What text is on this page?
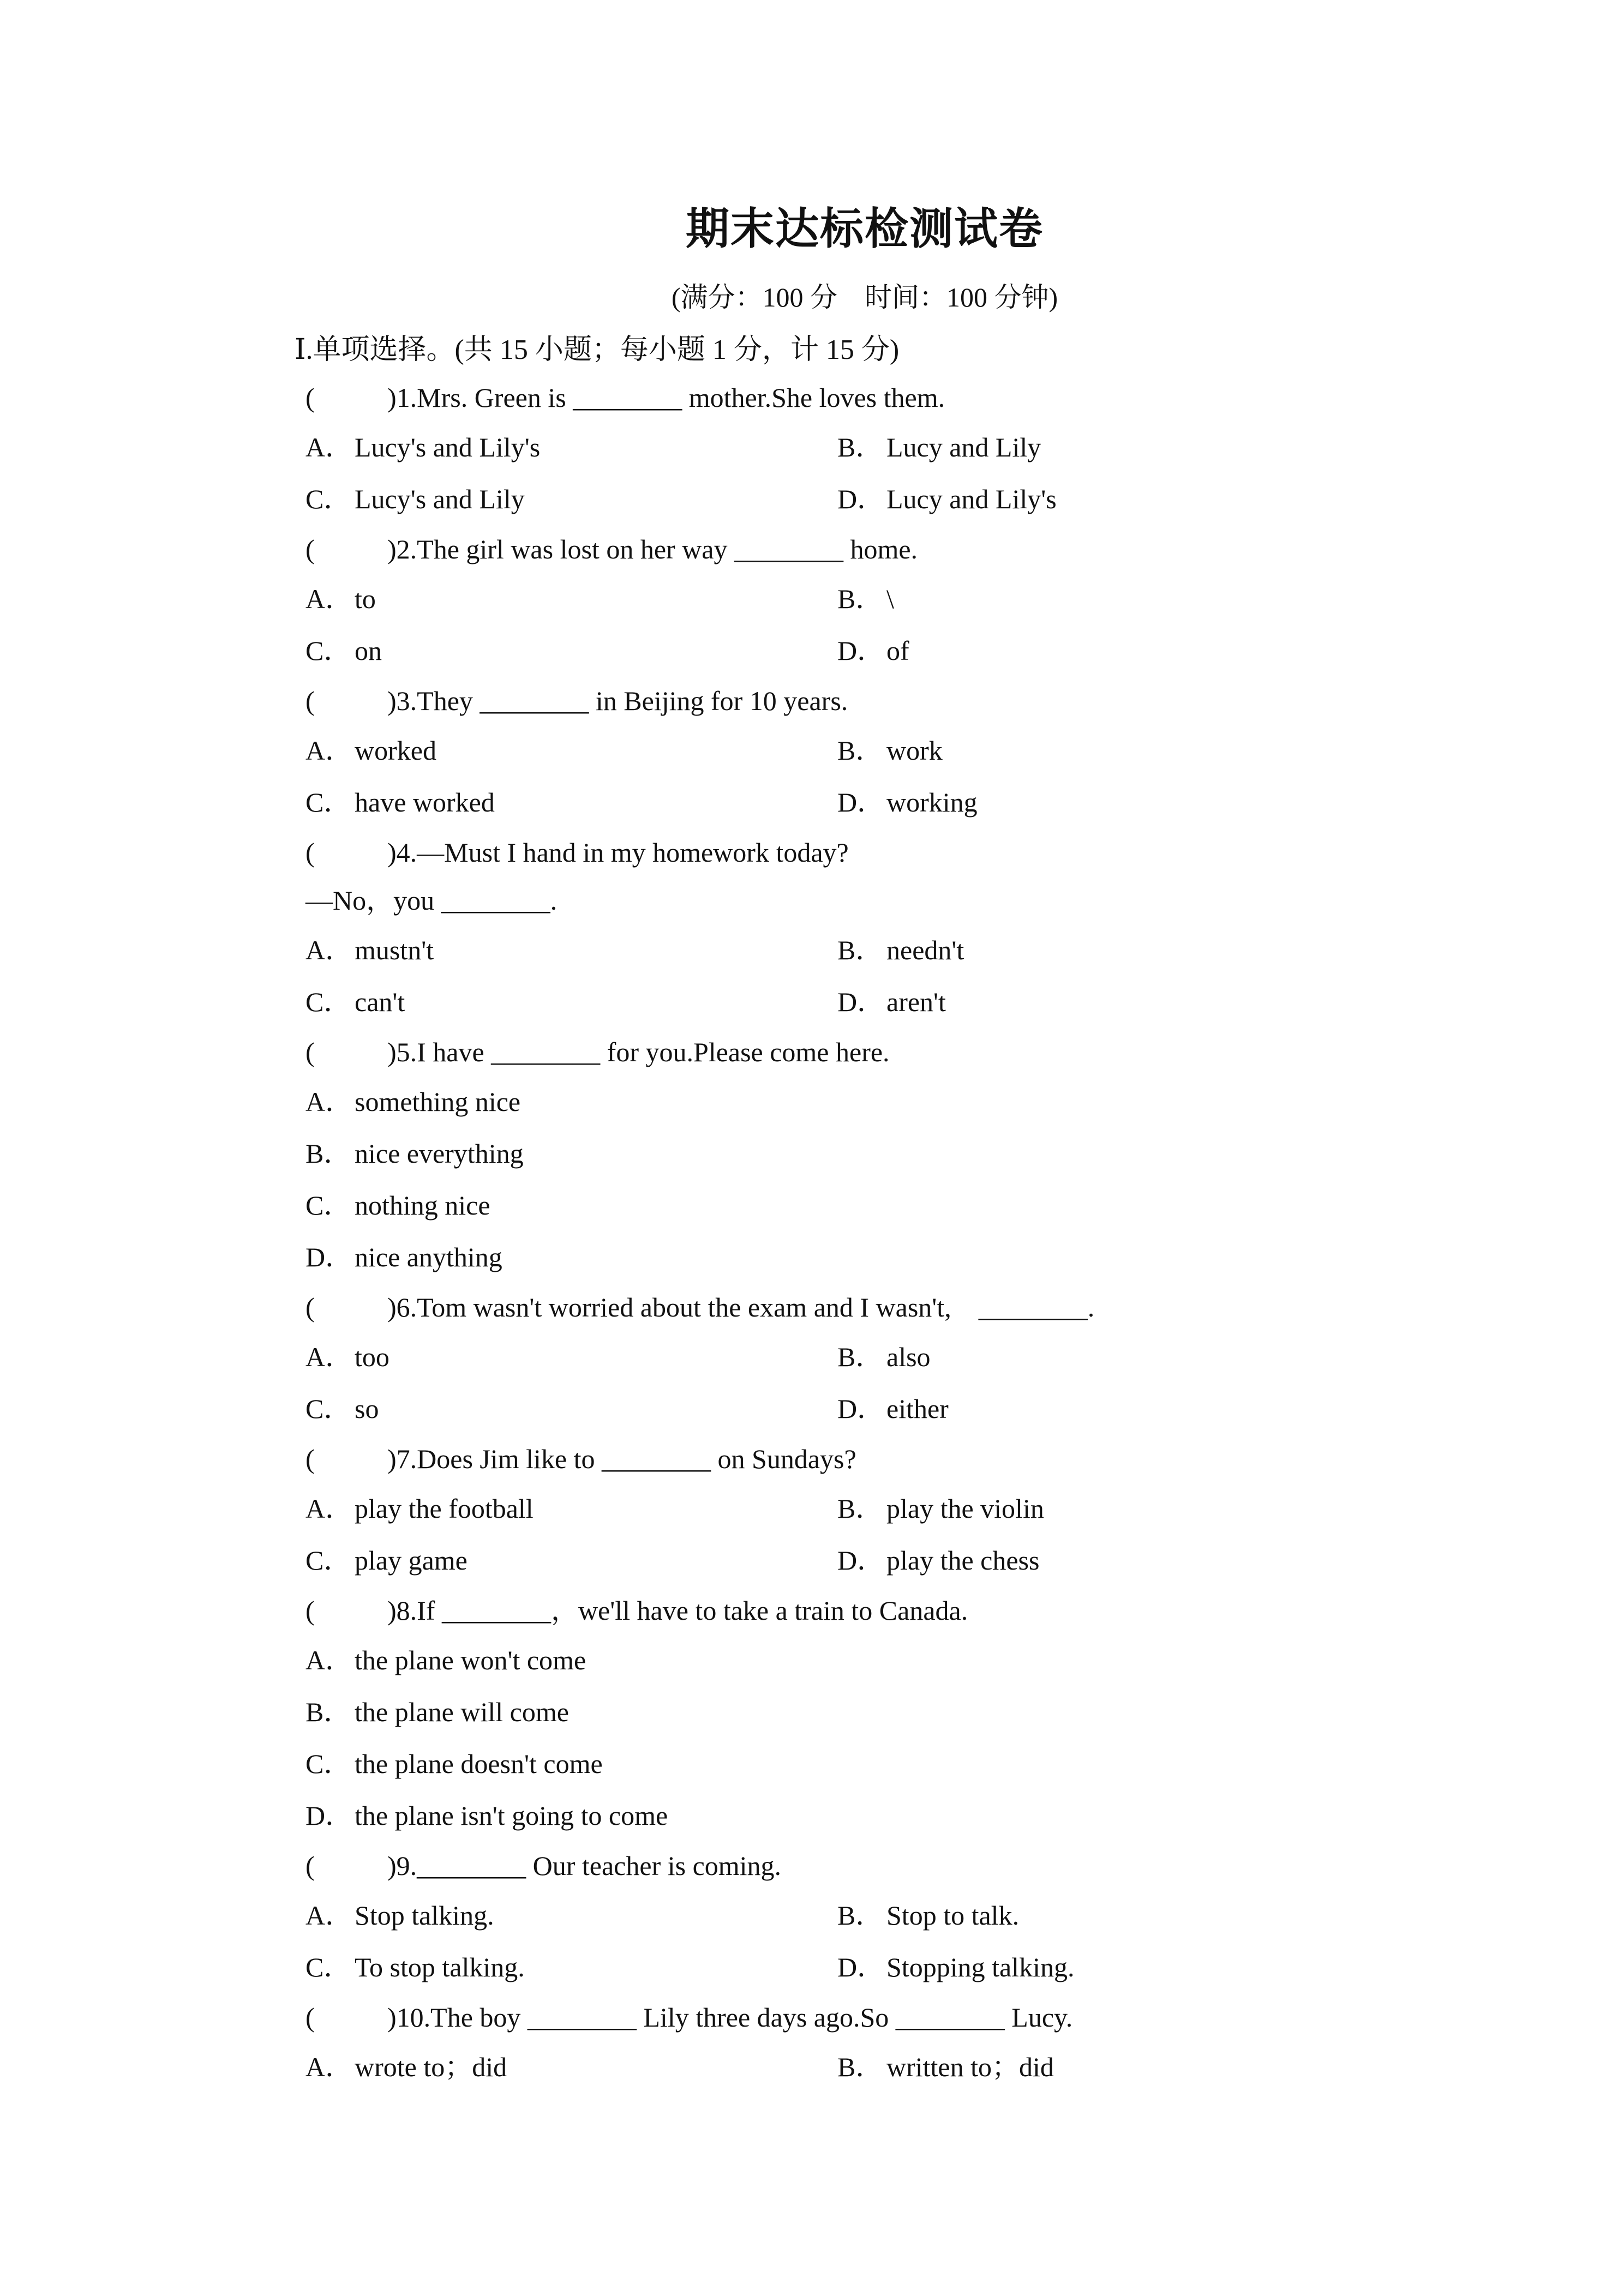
期末达标检测试卷
(满分：100 分　时间：100 分钟)
Ⅰ.单项选择。(共 15 小题；每小题 1 分，计 15 分)
(	)1.Mrs. Green is ________ mother.She loves them.
A．Lucy's and Lily's	B． Lucy and Lily
C． Lucy's and Lily	D．Lucy and Lily's
(	)2.The girl was lost on her way ________ home.
A．to	B． \
C． on	D．of
(	)3.They ________ in Beijing for 10 years.
A．worked	B． work
C． have worked	D．working
(	)4.—Must I hand in my homework today?
—No，you ________.
A．mustn't	B． needn't
C． can't	D．aren't
(	)5.I have ________ for you.Please come here.
A．something nice
B． nice everything
C． nothing nice
D．nice anything
(	)6.Tom wasn't worried about the exam and I wasn't,　________.
A．too	B． also
C． so	D．either
(	)7.Does Jim like to ________ on Sundays?
A．play the football	B． play the violin
C． play game	D．play the chess
(	)8.If ________，we'll have to take a train to Canada.
A．the plane won't come
B． the plane will come
C． the plane doesn't come
D．the plane isn't going to come
(	)9.________ Our teacher is coming.
A．Stop talking.	B． Stop to talk.
C． To stop talking.	D．Stopping talking.
(	)10.The boy ________ Lily three days ago.So ________ Lucy.
A．wrote to；did	B． written to；did
